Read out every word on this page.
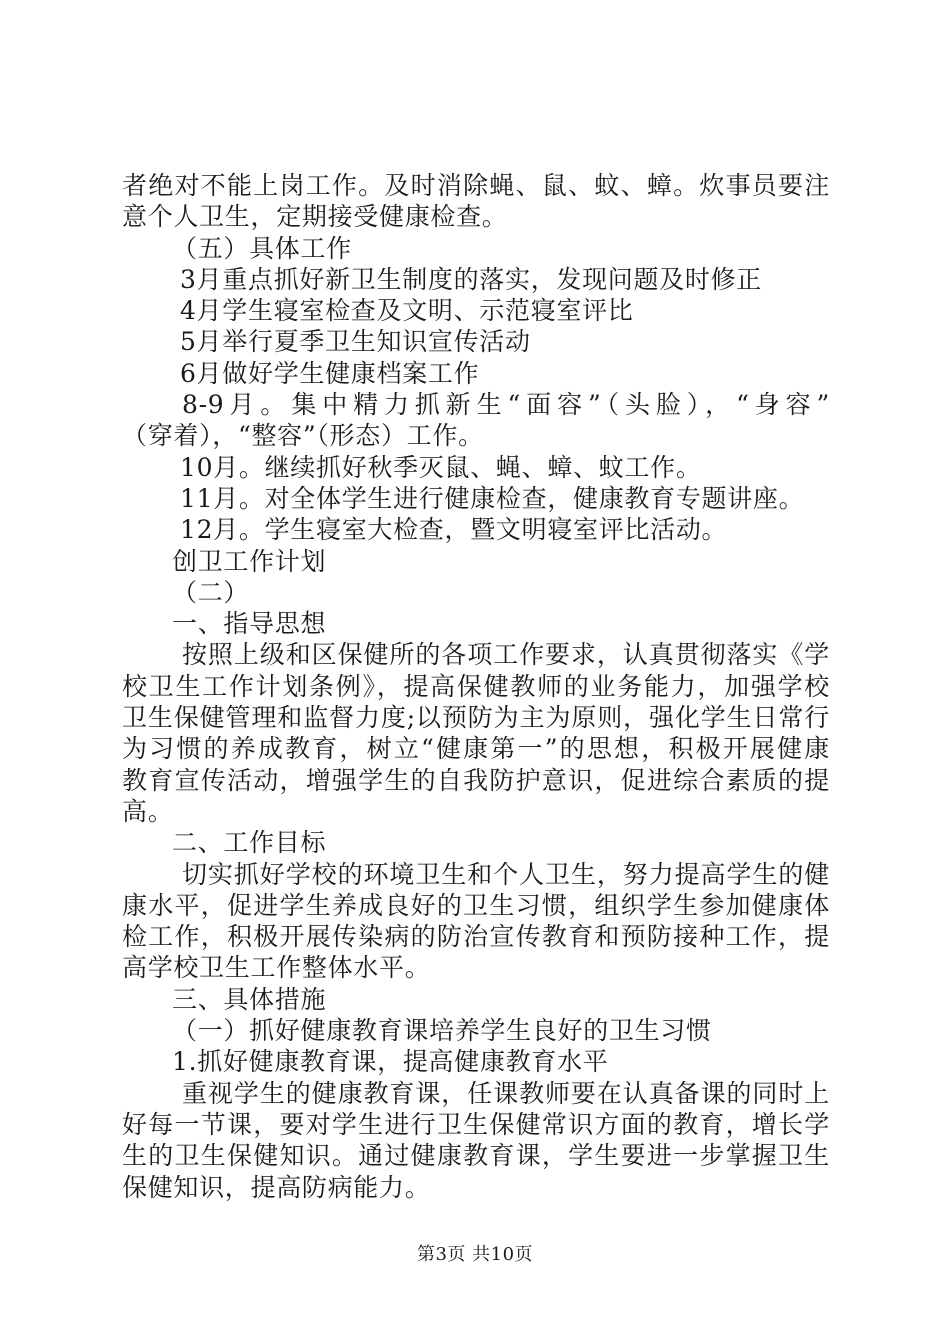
者绝对不能上岗工作。及时消除蝇、鼠、蚊、蟑。炊事员要注
意个人卫生，定期接受健康检查。
（五）具体工作
3月重点抓好新卫生制度的落实，发现问题及时修正
4月学生寝室检查及文明、示范寝室评比
5月举行夏季卫生知识宣传活动
6月做好学生健康档案工作
8-9月。集中精力抓新生“面容”（头脸），“身容”
（穿着），“整容”（形态）工作。
10月。继续抓好秋季灭鼠、蝇、蟑、蚊工作。
11月。对全体学生进行健康检查，健康教育专题讲座。
12月。学生寝室大检查，暨文明寝室评比活动。
创卫工作计划
（二）
一、指导思想
按照上级和区保健所的各项工作要求，认真贯彻落实《学
校卫生工作计划条例》，提高保健教师的业务能力，加强学校
卫生保健管理和监督力度;以预防为主为原则，强化学生日常行
为习惯的养成教育，树立“健康第一”的思想，积极开展健康
教育宣传活动，增强学生的自我防护意识，促进综合素质的提
高。
二、工作目标
切实抓好学校的环境卫生和个人卫生，努力提高学生的健
康水平，促进学生养成良好的卫生习惯，组织学生参加健康体
检工作，积极开展传染病的防治宣传教育和预防接种工作，提
高学校卫生工作整体水平。
三、具体措施
（一）抓好健康教育课培养学生良好的卫生习惯
1.抓好健康教育课，提高健康教育水平
重视学生的健康教育课，任课教师要在认真备课的同时上
好每一节课，要对学生进行卫生保健常识方面的教育，增长学
生的卫生保健知识。通过健康教育课，学生要进一步掌握卫生
保健知识，提高防病能力。
第3页 共10页
